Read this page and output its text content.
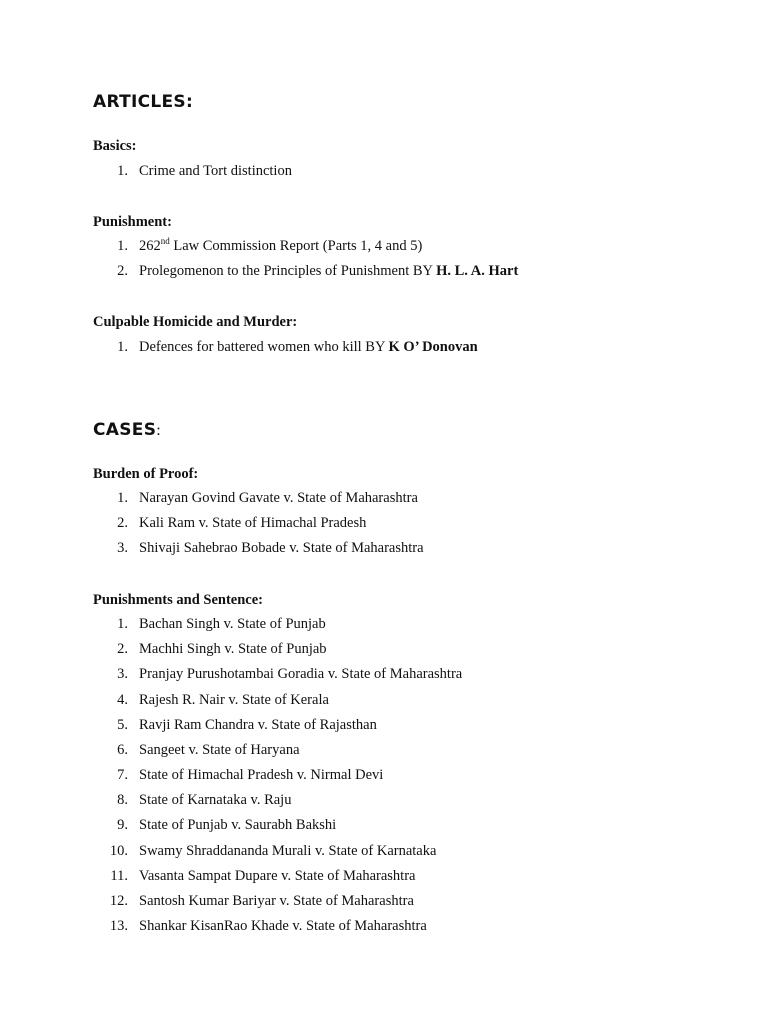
ARTICLES:
Basics:
1. Crime and Tort distinction
Punishment:
1. 262nd Law Commission Report (Parts 1, 4 and 5)
2. Prolegomenon to the Principles of Punishment BY H. L. A. Hart
Culpable Homicide and Murder:
1. Defences for battered women who kill BY K O’ Donovan
CASES:
Burden of Proof:
1. Narayan Govind Gavate v. State of Maharashtra
2. Kali Ram v. State of Himachal Pradesh
3. Shivaji Sahebrao Bobade v. State of Maharashtra
Punishments and Sentence:
1. Bachan Singh v. State of Punjab
2. Machhi Singh v. State of Punjab
3. Pranjay Purushotambai Goradia v. State of Maharashtra
4. Rajesh R. Nair v. State of Kerala
5. Ravji Ram Chandra v. State of Rajasthan
6. Sangeet v. State of Haryana
7. State of Himachal Pradesh v. Nirmal Devi
8. State of Karnataka v. Raju
9. State of Punjab v. Saurabh Bakshi
10. Swamy Shraddananda Murali v. State of Karnataka
11. Vasanta Sampat Dupare v. State of Maharashtra
12. Santosh Kumar Bariyar v. State of Maharashtra
13. Shankar KisanRao Khade v. State of Maharashtra
